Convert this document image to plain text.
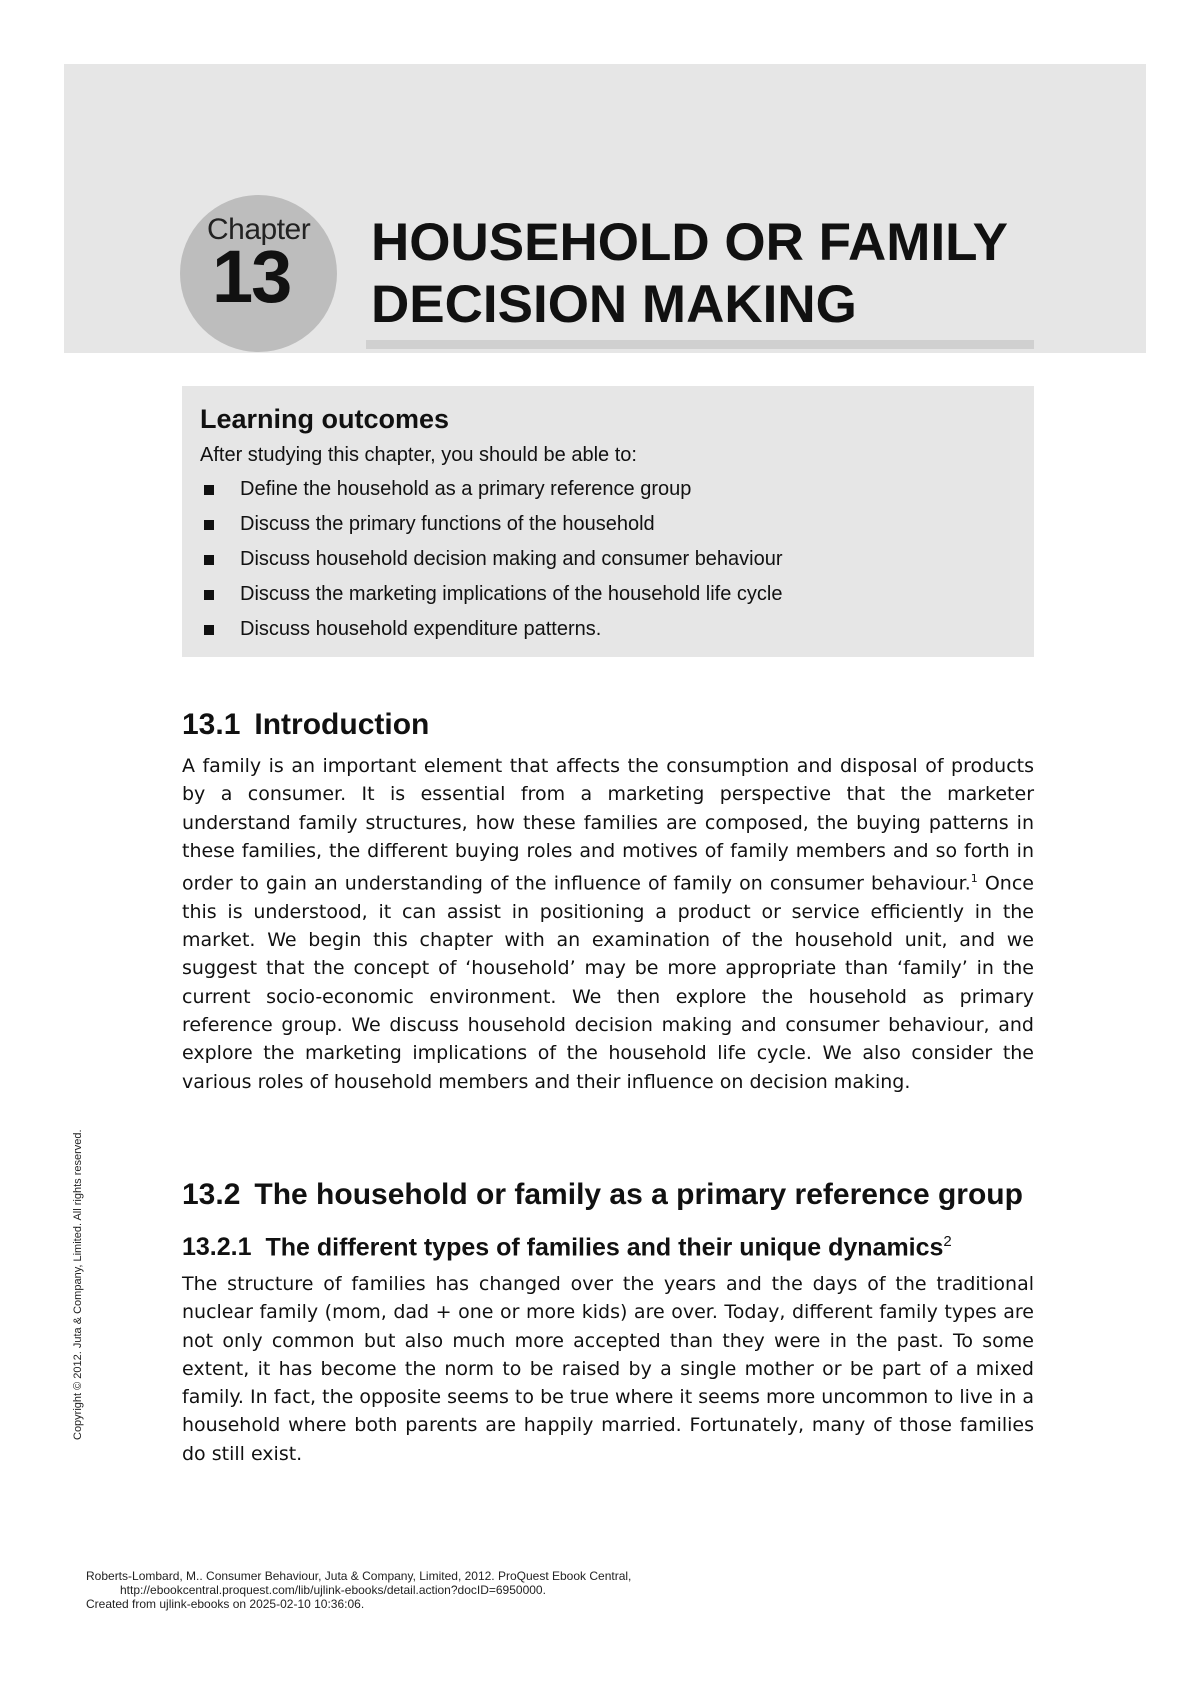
Chapter
13 HOUSEHOLD OR FAMILY
DECISION MAKING
Learning outcomes

After studying this chapter, you should be able to:

Define the household as a primary reference group
Discuss the primary functions of the household
Discuss household decision making and consumer behaviour
Discuss the marketing implications of the household life cycle
Discuss household expenditure patterns.
13.1 Introduction

A family is an important element that affects the consumption and disposal of products by a consumer. It is essential from a marketing perspective that the marketer understand family structures, how these families are composed, the buying patterns in these families, the different buying roles and motives of family members and so forth in order to gain an understanding of the influence of family on consumer behaviour.$^1$ Once this is understood, it can assist in positioning a product or service efficiently in the market. We begin this chapter with an examination of the household unit, and we suggest that the concept of ‘household’ may be more appropriate than ‘family’ in the current socio-economic environment. We then explore the household as primary reference group. We discuss household decision making and consumer behaviour, and explore the marketing implications of the household life cycle. We also consider the various roles of household members and their influence on decision making.

13.2 The household or family as a primary reference group
13.2.1 The different types of families and their unique dynamics$^2$

The structure of families has changed over the years and the days of the traditional nuclear family (mom, dad + one or more kids) are over. Today, different family types are not only common but also much more accepted than they were in the past. To some extent, it has become the norm to be raised by a single mother or be part of a mixed family. In fact, the opposite seems to be true where it seems more uncommon to live in a household where both parents are happily married. Fortunately, many of those families do still exist.

Copyright © 2012. Juta & Company, Limited. All rights reserved.
Roberts-Lombard, M.. Consumer Behaviour, Juta & Company, Limited, 2012. ProQuest Ebook Central,
http://ebookcentral.proquest.com/lib/ujlink-ebooks/detail.action?docID=6950000.
Created from ujlink-ebooks on 2025-02-10 10:36:06.
